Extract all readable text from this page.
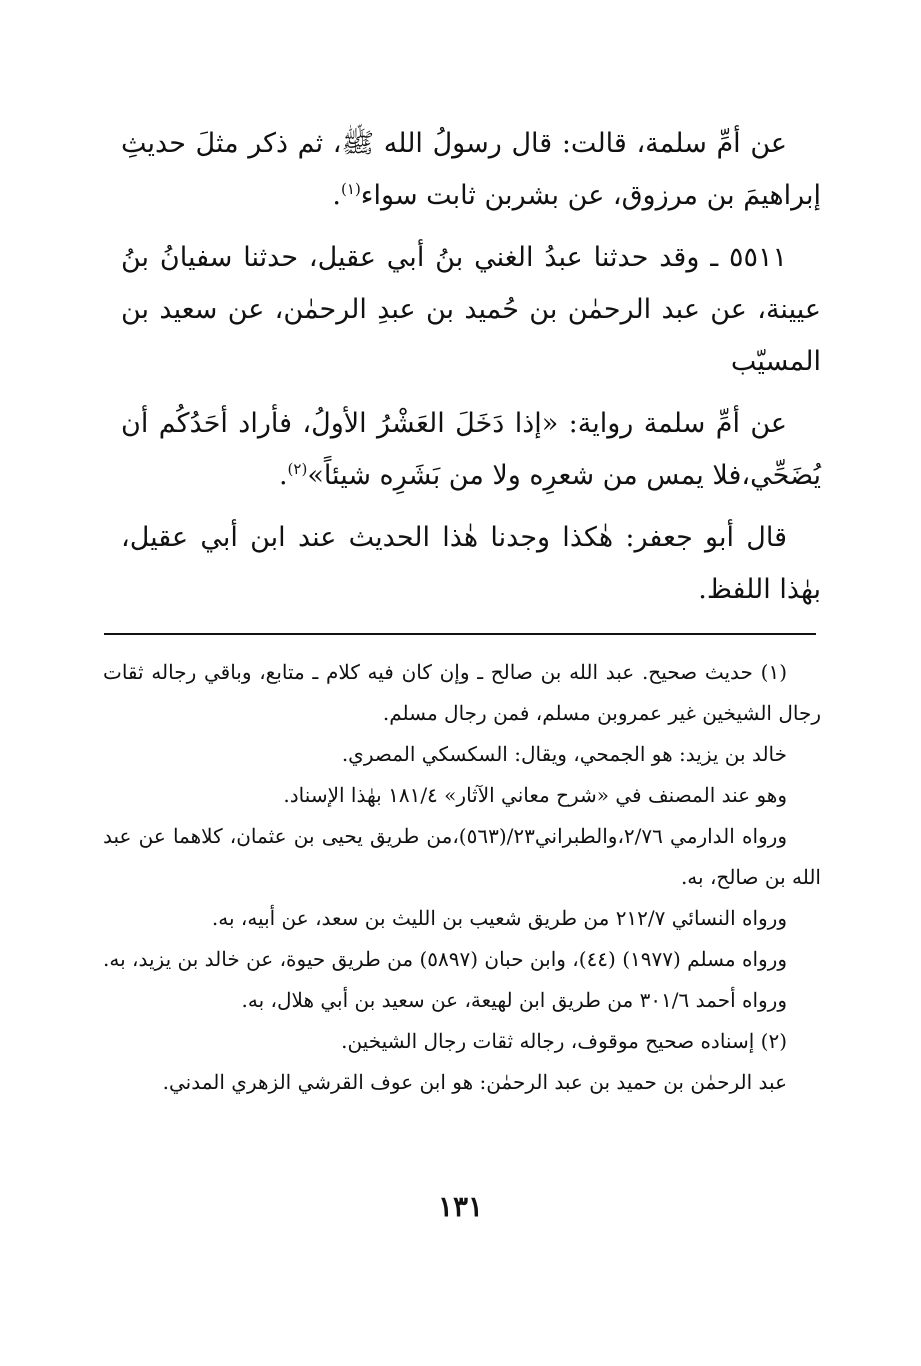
عن أمِّ سلمة، قالت: قال رسولُ الله ﷺ، ثم ذكر مثلَ حديثِ إبراهيمَ بن مرزوق، عن بشربن ثابت سواء$^{(١)}$.

٥٥١١ ـ وقد حدثنا عبدُ الغني بنُ أبي عقيل، حدثنا سفيانُ بنُ عيينة، عن عبد الرحمٰن بن حُميد بن عبدِ الرحمٰن، عن سعيد بن المسيّب

عن أمِّ سلمة رواية: «إذا دَخَلَ العَشْرُ الأولُ، فأراد أحَدُكُم أن يُضَحِّي،فلا يمس من شعرِه ولا من بَشَرِه شيئاً»$^{(٢)}$.

قال أبو جعفر: هٰكذا وجدنا هٰذا الحديث عند ابن أبي عقيل، بهٰذا اللفظ.

(١) حديث صحيح. عبد الله بن صالح ـ وإن كان فيه كلام ـ متابع، وباقي رجاله ثقات رجال الشيخين غير عمروبن مسلم، فمن رجال مسلم.

خالد بن يزيد: هو الجمحي، ويقال: السكسكي المصري.

وهو عند المصنف في «شرح معاني الآثار» ١٨١/٤ بهٰذا الإسناد.

ورواه الدارمي ٢/٧٦،والطبراني٢٣/(٥٦٣)،من طريق يحيى بن عثمان، كلاهما عن عبد الله بن صالح، به.

ورواه النسائي ٢١٢/٧ من طريق شعيب بن الليث بن سعد، عن أبيه، به.

ورواه مسلم (١٩٧٧) (٤٤)، وابن حبان (٥٨٩٧) من طريق حيوة، عن خالد بن يزيد، به.

ورواه أحمد ٣٠١/٦ من طريق ابن لهيعة، عن سعيد بن أبي هلال، به.

(٢) إسناده صحيح موقوف، رجاله ثقات رجال الشيخين.

عبد الرحمٰن بن حميد بن عبد الرحمٰن: هو ابن عوف القرشي الزهري المدني.

١٣١
